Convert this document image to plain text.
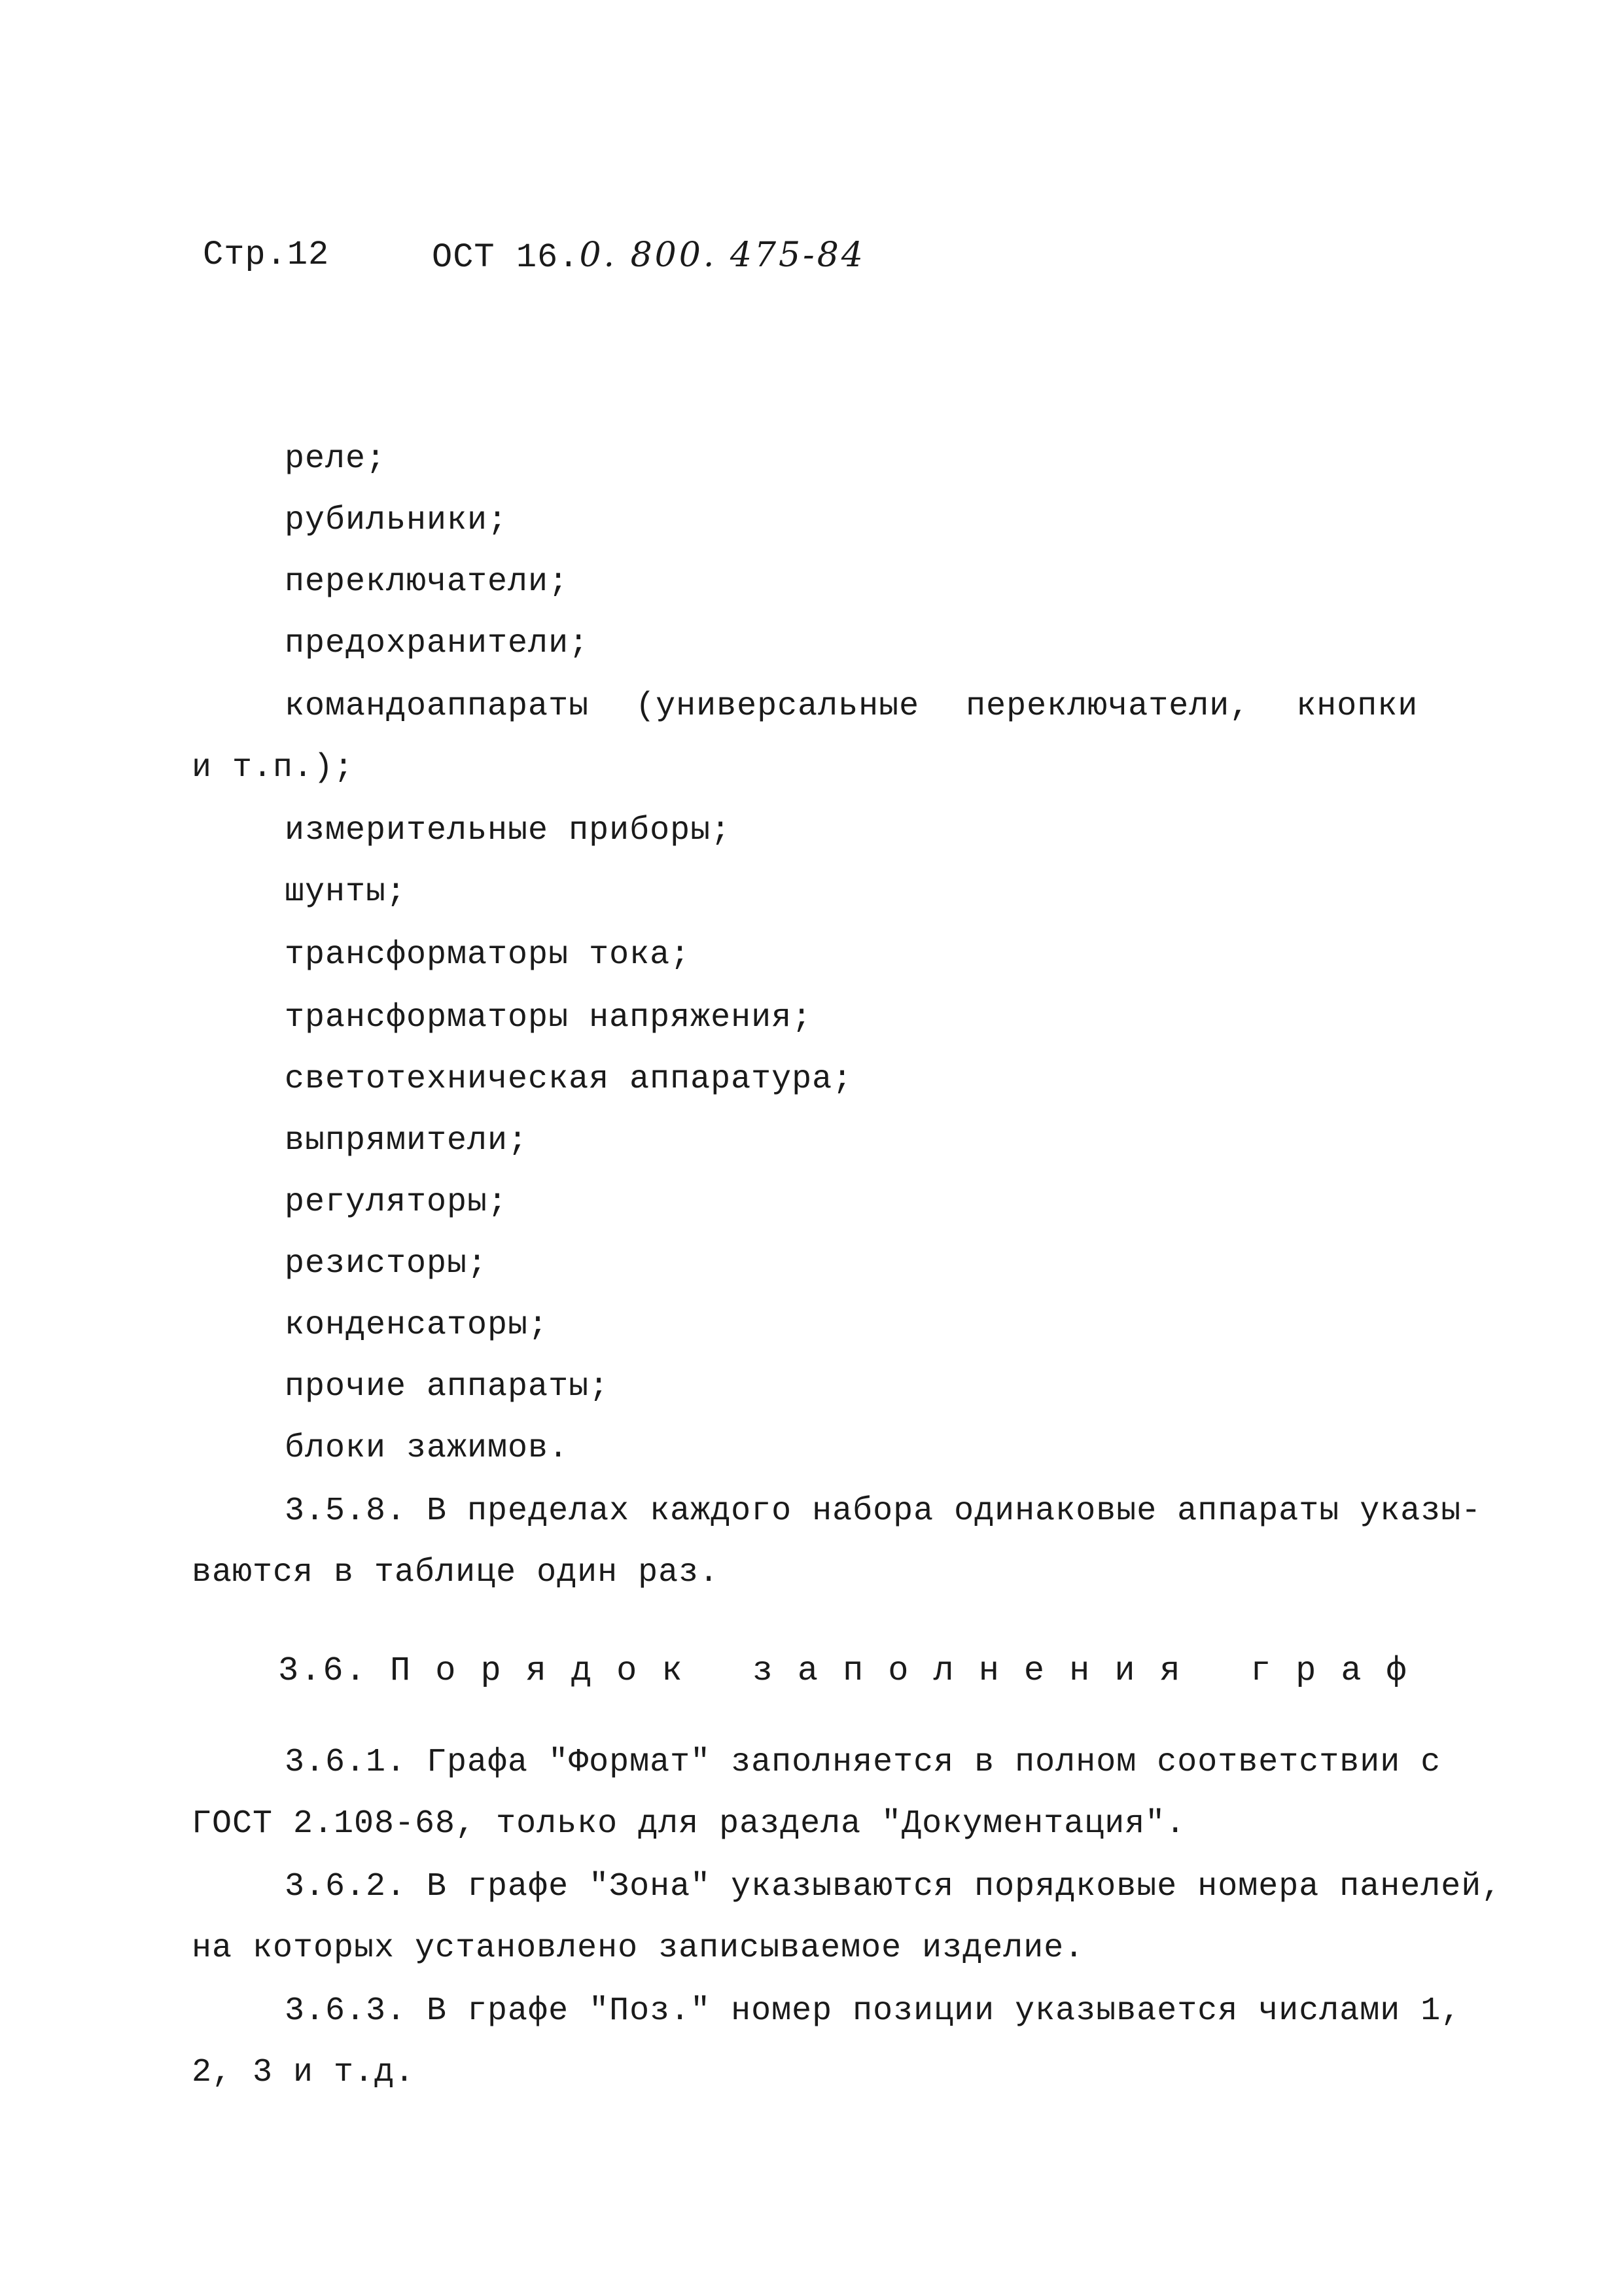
Стр.12	ОСТ 16.0. 800. 475-84
реле;
рубильники;
переключатели;
предохранители;
командоаппараты (универсальные переключатели, кнопки
и т.п.);
измерительные приборы;
шунты;
трансформаторы тока;
трансформаторы напряжения;
светотехническая аппаратура;
выпрямители;
регуляторы;
резисторы;
конденсаторы;
прочие аппараты;
блоки зажимов.
3.5.8. В пределах каждого набора одинаковые аппараты указы-
ваются в таблице один раз.
3.6. Порядок заполнения граф
3.6.1. Графа "Формат" заполняется в полном соответствии с
ГОСТ 2.108-68, только для раздела "Документация".
3.6.2. В графе "Зона" указываются порядковые номера панелей,
на которых установлено записываемое изделие.
3.6.3. В графе "Поз." номер позиции указывается числами 1,
2, 3 и т.д.
